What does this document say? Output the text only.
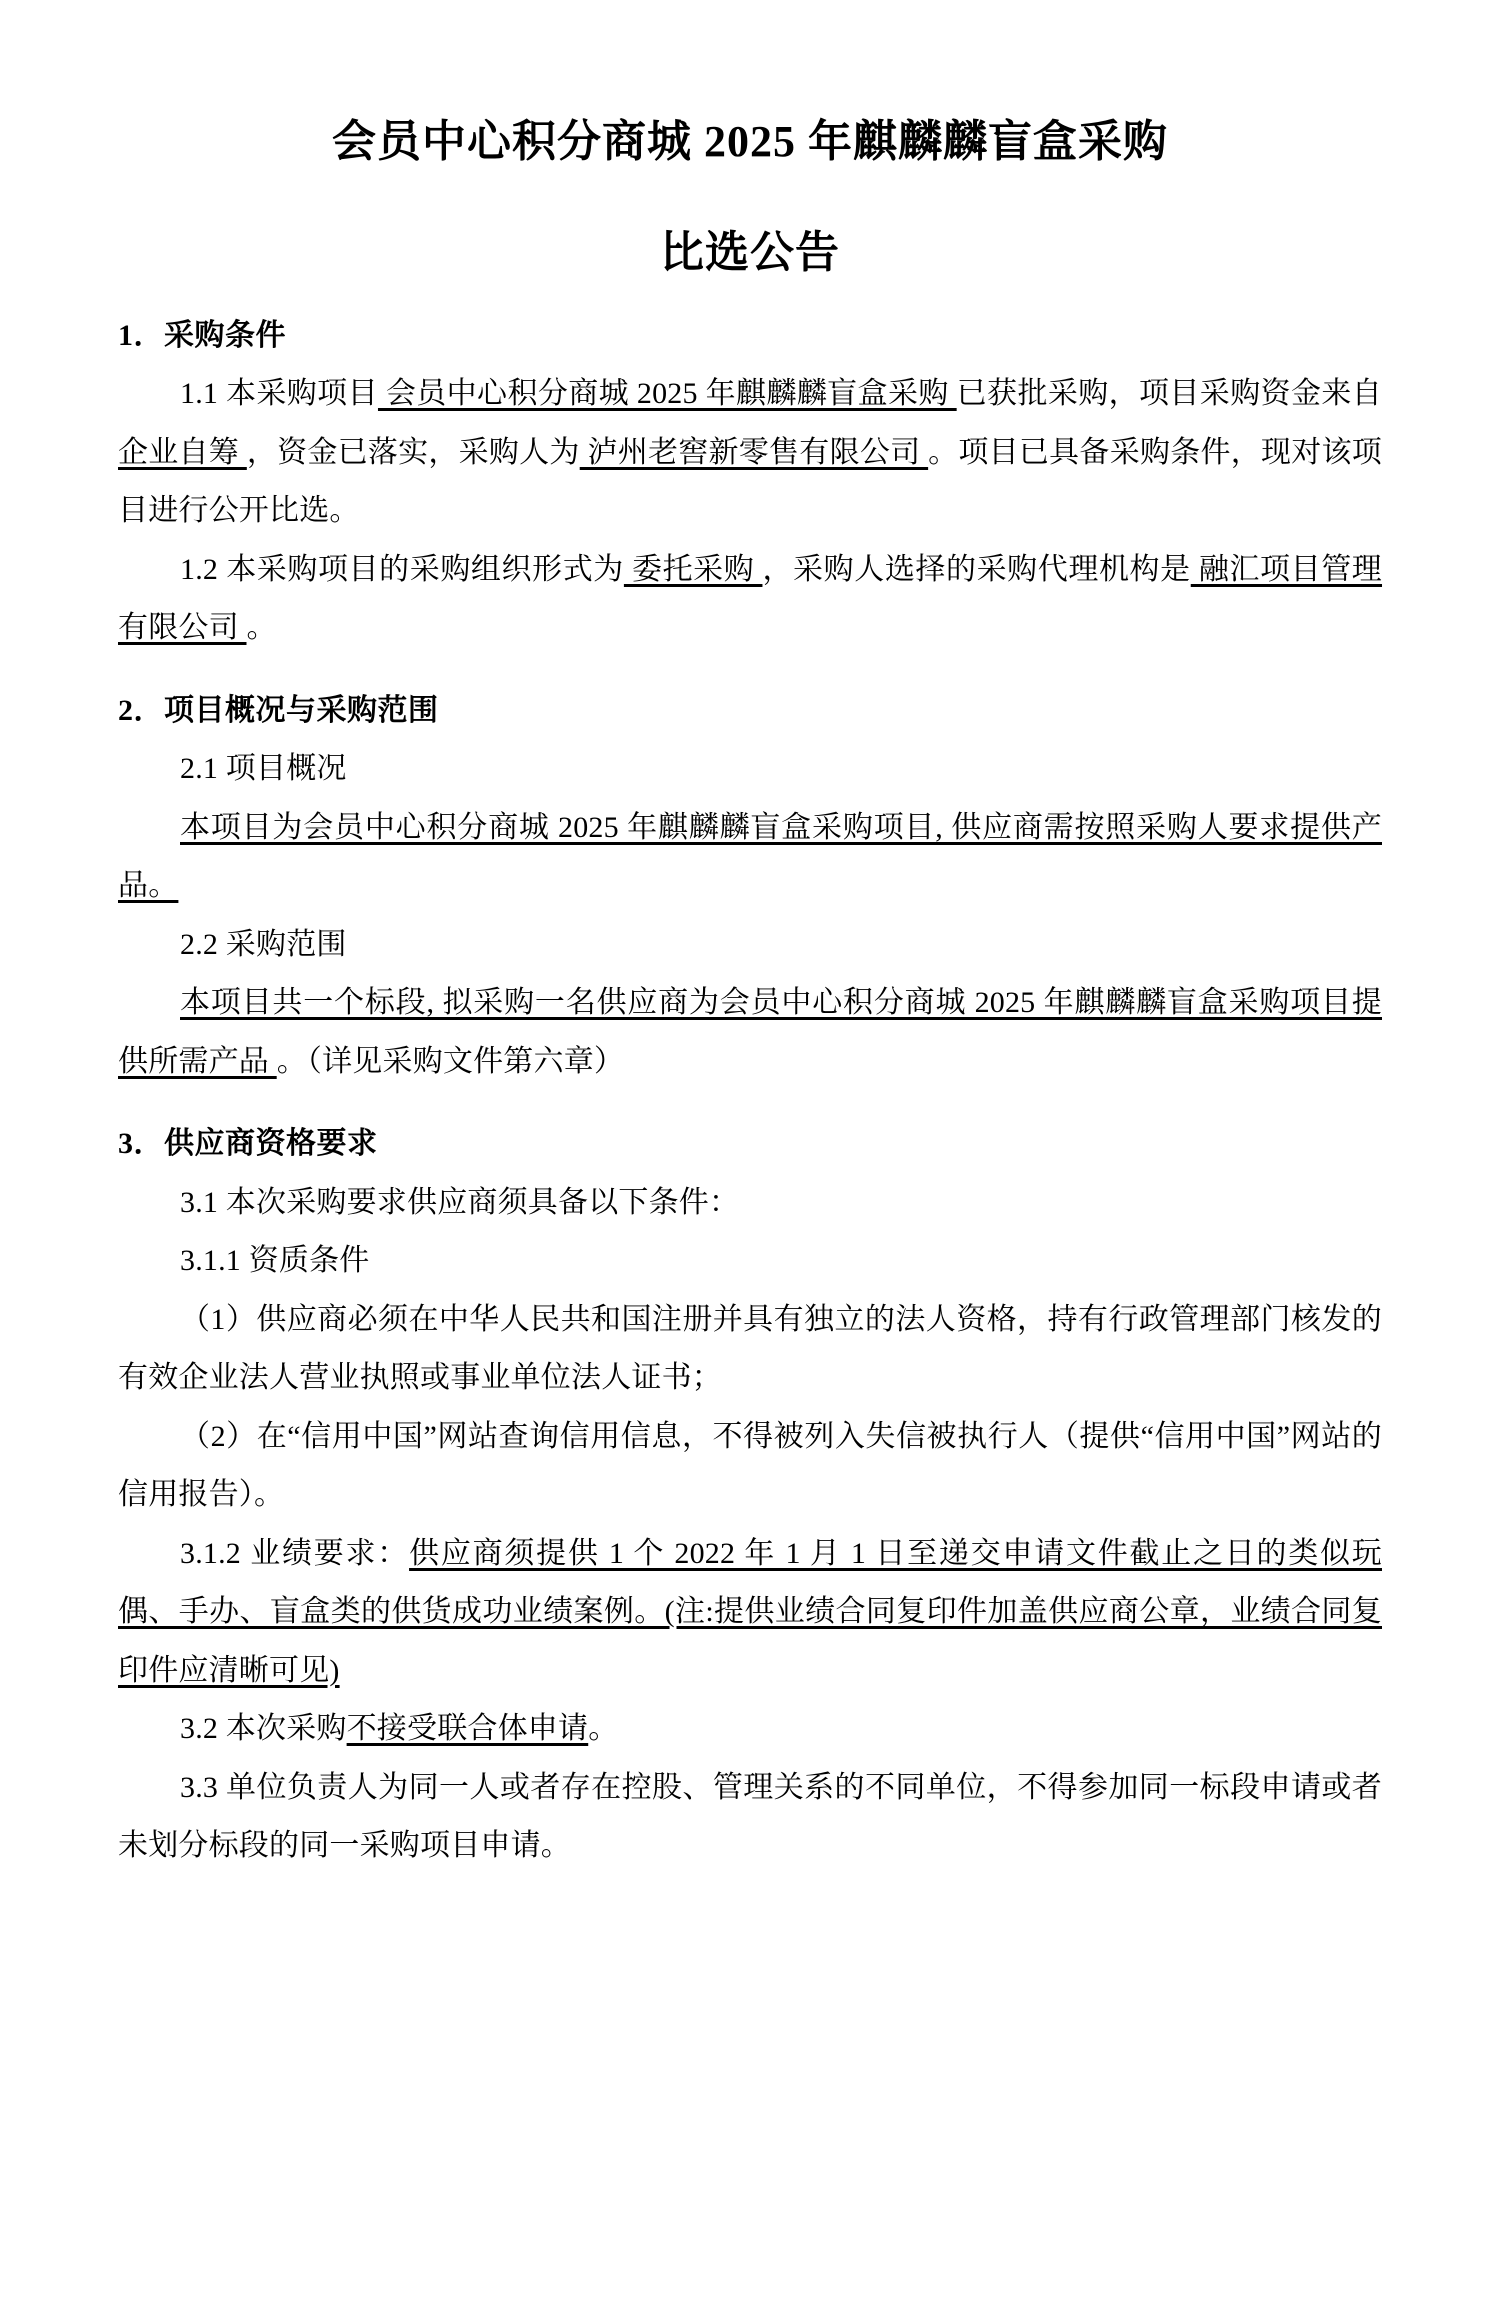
会员中心积分商城 2025 年麒麟麟盲盒采购
比选公告
1．采购条件

1.1 本采购项目 会员中心积分商城 2025 年麒麟麟盲盒采购 已获批采购，项目采购资金来自 企业自筹 ，资金已落实，采购人为 泸州老窖新零售有限公司 。项目已具备采购条件，现对该项目进行公开比选。

1.2 本采购项目的采购组织形式为 委托采购 ，采购人选择的采购代理机构是 融汇项目管理有限公司 。

2．项目概况与采购范围

2.1 项目概况

本项目为会员中心积分商城 2025 年麒麟麟盲盒采购项目, 供应商需按照采购人要求提供产品。

2.2 采购范围

本项目共一个标段, 拟采购一名供应商为会员中心积分商城 2025 年麒麟麟盲盒采购项目提供所需产品 。（详见采购文件第六章）

3．供应商资格要求

3.1 本次采购要求供应商须具备以下条件：

3.1.1 资质条件

（1）供应商必须在中华人民共和国注册并具有独立的法人资格，持有行政管理部门核发的有效企业法人营业执照或事业单位法人证书；

（2）在“信用中国”网站查询信用信息，不得被列入失信被执行人（提供“信用中国”网站的信用报告）。

3.1.2 业绩要求：供应商须提供 1 个 2022 年 1 月 1 日至递交申请文件截止之日的类似玩偶、手办、盲盒类的供货成功业绩案例。(注:提供业绩合同复印件加盖供应商公章，业绩合同复印件应清晰可见)

3.2 本次采购不接受联合体申请。

3.3 单位负责人为同一人或者存在控股、管理关系的不同单位，不得参加同一标段申请或者未划分标段的同一采购项目申请。
